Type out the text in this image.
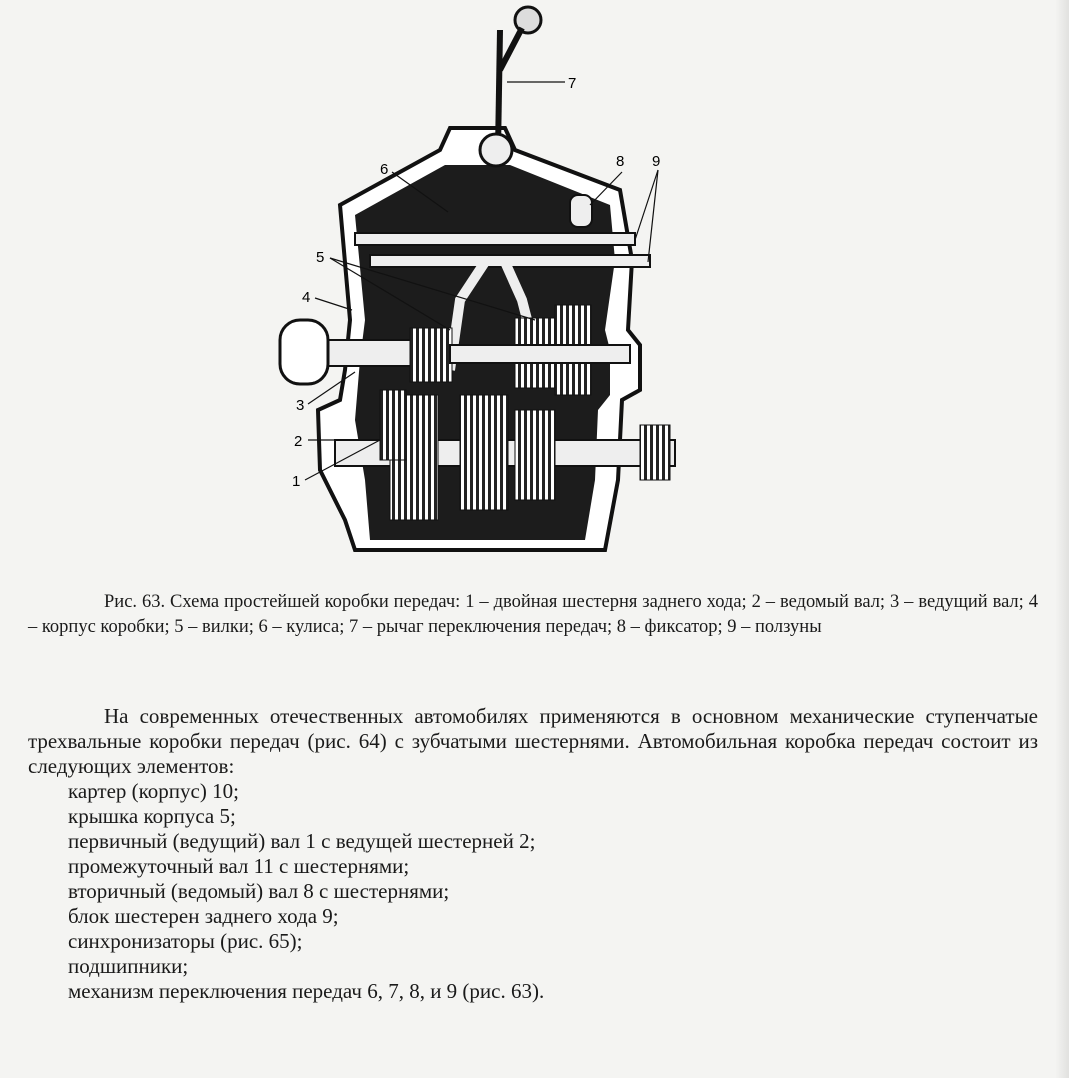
7
6	8 9
5
4
3
2
1
Рис. 63. Схема простейшей коробки передач: 1 – двойная шестерня заднего хода; 2 – ведомый вал; 3 – ведущий вал; 4 – корпус коробки; 5 – вилки; 6 – кулиса; 7 – рычаг переключения передач; 8 – фиксатор; 9 – ползуны

На современных отечественных автомобилях применяются в основном механические ступенчатые трехвальные коробки передач (рис. 64) с зубчатыми шестернями. Автомобильная коробка передач состоит из следующих элементов:

картер (корпус) 10;
крышка корпуса 5;
первичный (ведущий) вал 1 с ведущей шестерней 2;
промежуточный вал 11 с шестернями;
вторичный (ведомый) вал 8 с шестернями;
блок шестерен заднего хода 9;
синхронизаторы (рис. 65);
подшипники;
механизм переключения передач 6, 7, 8, и 9 (рис. 63).
